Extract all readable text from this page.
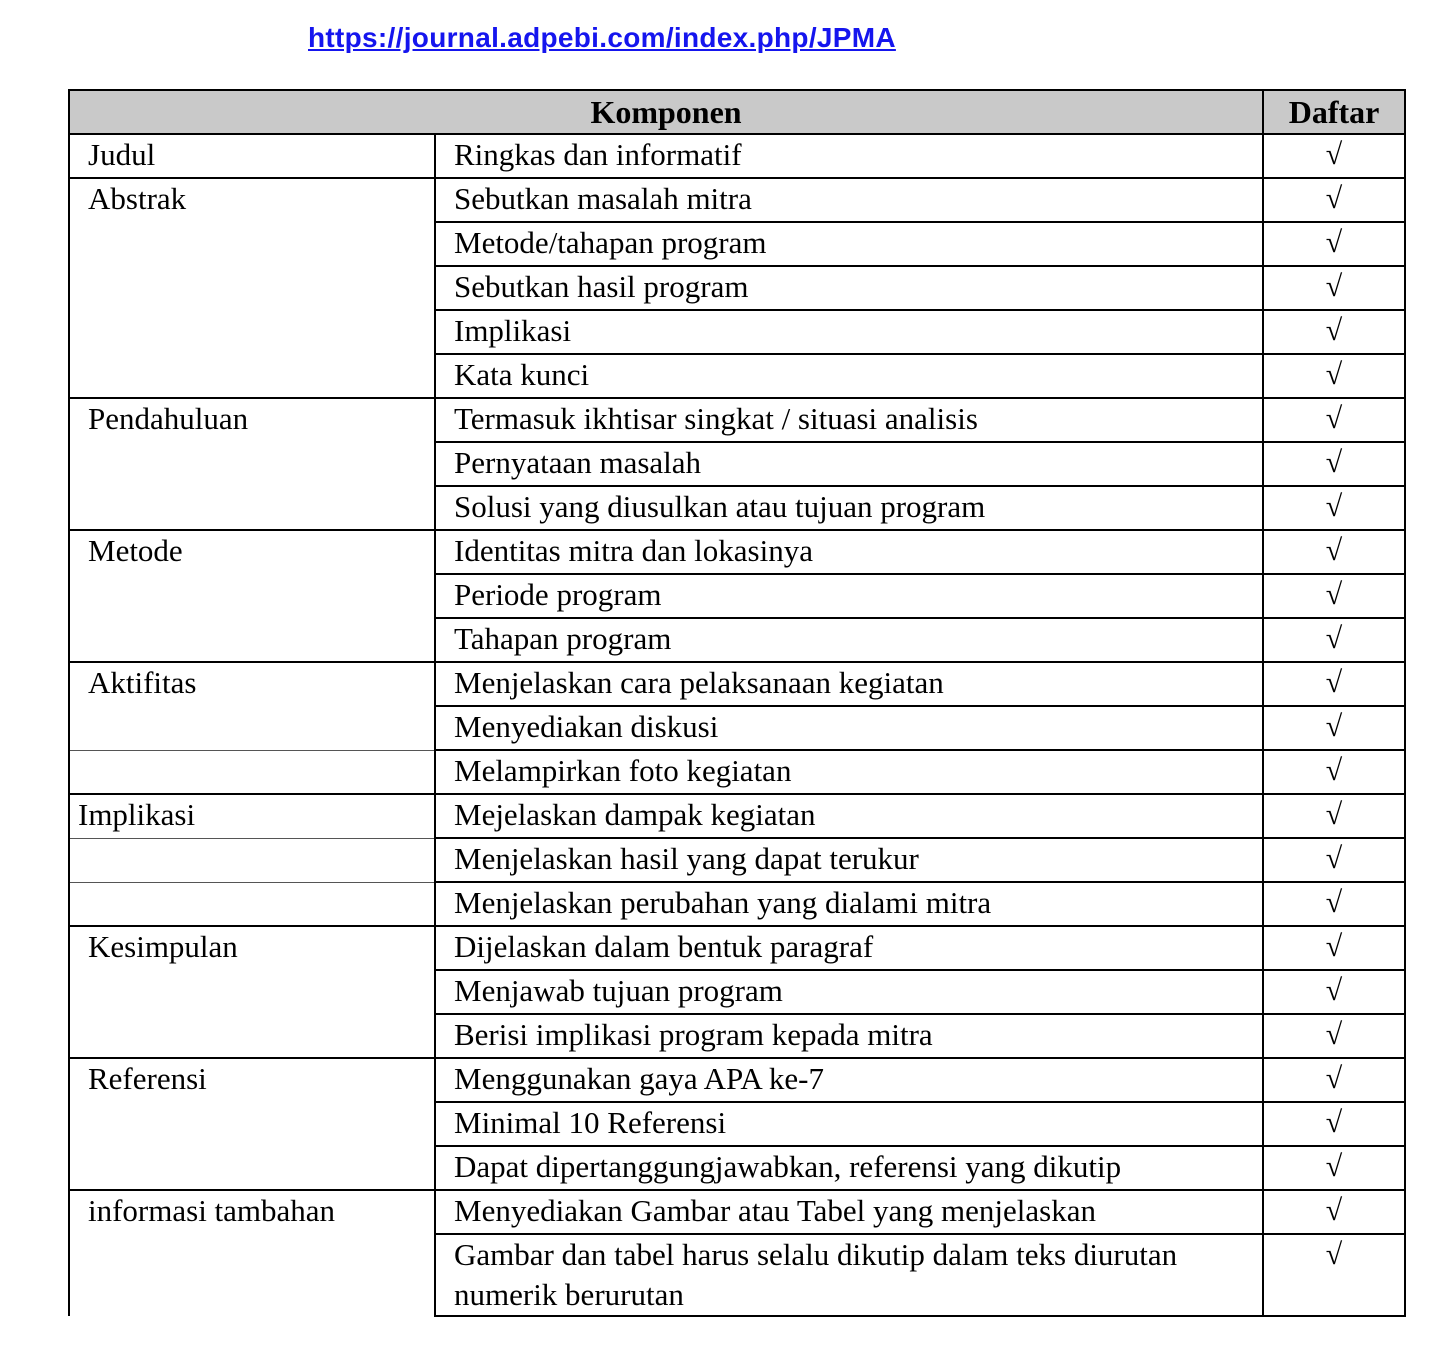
https://journal.adpebi.com/index.php/JPMA
Komponen		Daftar
Judul	Ringkas dan informatif	√
Abstrak	Sebutkan masalah mitra	√
	Metode/tahapan program	√
	Sebutkan hasil program	√
	Implikasi	√
	Kata kunci	√
Pendahuluan	Termasuk ikhtisar singkat / situasi analisis	√
	Pernyataan masalah	√
	Solusi yang diusulkan atau tujuan program	√
Metode	Identitas mitra dan lokasinya	√
	Periode program	√
	Tahapan program	√
Aktifitas	Menjelaskan cara pelaksanaan kegiatan	√
	Menyediakan diskusi	√
	Melampirkan foto kegiatan	√
Implikasi	Mejelaskan dampak kegiatan	√
	Menjelaskan hasil yang dapat terukur	√
	Menjelaskan perubahan yang dialami mitra	√
Kesimpulan	Dijelaskan dalam bentuk paragraf	√
	Menjawab tujuan program	√
	Berisi implikasi program kepada mitra	√
Referensi	Menggunakan gaya APA ke-7	√
	Minimal 10 Referensi	√
	Dapat dipertanggungjawabkan, referensi yang dikutip	√
informasi tambahan	Menyediakan Gambar atau Tabel yang menjelaskan	√
	Gambar dan tabel harus selalu dikutip dalam teks diurutan numerik berurutan	√
